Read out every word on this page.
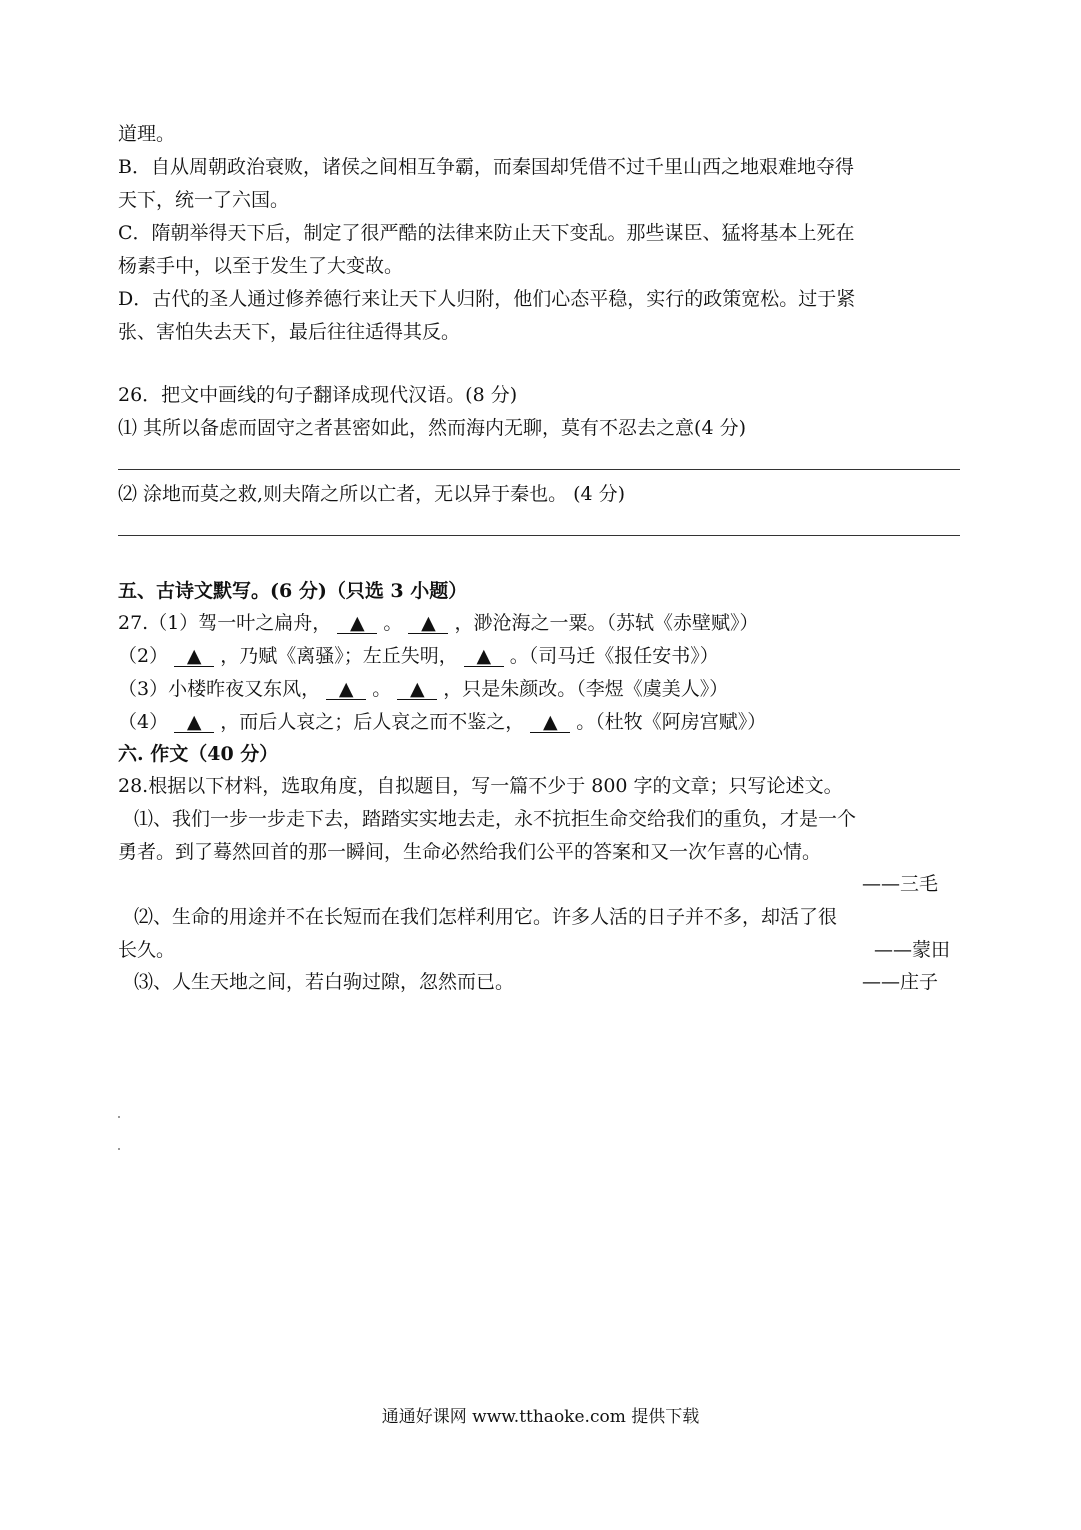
道理。
B．自从周朝政治衰败，诸侯之间相互争霸，而秦国却凭借不过千里山西之地艰难地夺得
天下，统一了六国。
C．隋朝举得天下后，制定了很严酷的法律来防止天下变乱。那些谋臣、猛将基本上死在
杨素手中，以至于发生了大变故。
D．古代的圣人通过修养德行来让天下人归附，他们心态平稳，实行的政策宽松。过于紧
张、害怕失去天下，最后往往适得其反。
26．把文中画线的句子翻译成现代汉语。(8 分)
⑴ 其所以备虑而固守之者甚密如此，然而海内无聊，莫有不忍去之意(4 分)
⑵ 涂地而莫之救,则夫隋之所以亡者，无以异于秦也。 (4 分)
五、古诗文默写。(6 分)（只选 3 小题）
27.（1）驾一叶之扁舟， ▲ 。 ▲ ，渺沧海之一粟。（苏轼《赤壁赋》）
（2） ▲ ，乃赋《离骚》；左丘失明， ▲ 。（司马迁《报任安书》）
（3）小楼昨夜又东风， ▲ 。 ▲ ，只是朱颜改。（李煜《虞美人》）
（4） ▲ ，而后人哀之；后人哀之而不鉴之， ▲ 。（杜牧《阿房宫赋》）
六. 作文（40 分）
28.根据以下材料，选取角度，自拟题目，写一篇不少于 800 字的文章；只写论述文。
⑴、我们一步一步走下去，踏踏实实地去走，永不抗拒生命交给我们的重负，才是一个
勇者。到了蓦然回首的那一瞬间，生命必然给我们公平的答案和又一次乍喜的心情。
——三毛
⑵、生命的用途并不在长短而在我们怎样利用它。许多人活的日子并不多，却活了很
长久。	——蒙田
⑶、人生天地之间，若白驹过隙，忽然而已。	——庄子
通通好课网 www.tthaoke.com 提供下载
